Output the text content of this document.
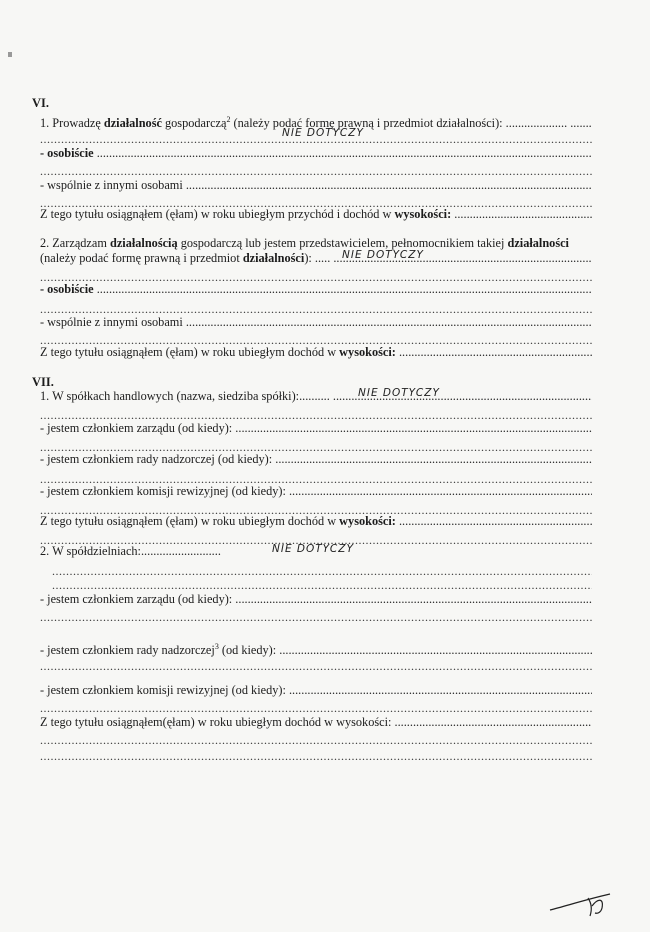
VI.
1. Prowadzę działalność gospodarczą$^2$ (należy podać formę prawną i przedmiot działalności): .................... .....
.....
NIE DOTYCZY
- osobiście .....
.....
- wspólnie z innymi osobami .....
.....
Z tego tytułu osiągnąłem (ęłam) w roku ubiegłym przychód i dochód w wysokości: .....
2. Zarządzam działalnością gospodarczą lub jestem przedstawicielem, pełnomocnikiem takiej działalności
(należy podać formę prawną i przedmiot działalności): ..... .....	NIE DOTYCZY
.....
- osobiście .....
.....
- wspólnie z innymi osobami .....
.....
Z tego tytułu osiągnąłem (ęłam) w roku ubiegłym dochód w wysokości: .....
VII.
1. W spółkach handlowych (nazwa, siedziba spółki):.......... .....	NIE DOTYCZY
.....
- jestem członkiem zarządu (od kiedy): .....
.....
- jestem członkiem rady nadzorczej (od kiedy): .....
.....
- jestem członkiem komisji rewizyjnej (od kiedy): .....
.....
Z tego tytułu osiągnąłem (ęłam) w roku ubiegłym dochód w wysokości: .....
.....
2. W spółdzielniach:..........................	NIE DOTYCZY
.....
.....
- jestem członkiem zarządu (od kiedy): .....
.....
- jestem członkiem rady nadzorczej$^3$ (od kiedy): .....
.....
- jestem członkiem komisji rewizyjnej (od kiedy): .....
.....
Z tego tytułu osiągnąłem(ęłam) w roku ubiegłym dochód w wysokości: .....
.....
.....
